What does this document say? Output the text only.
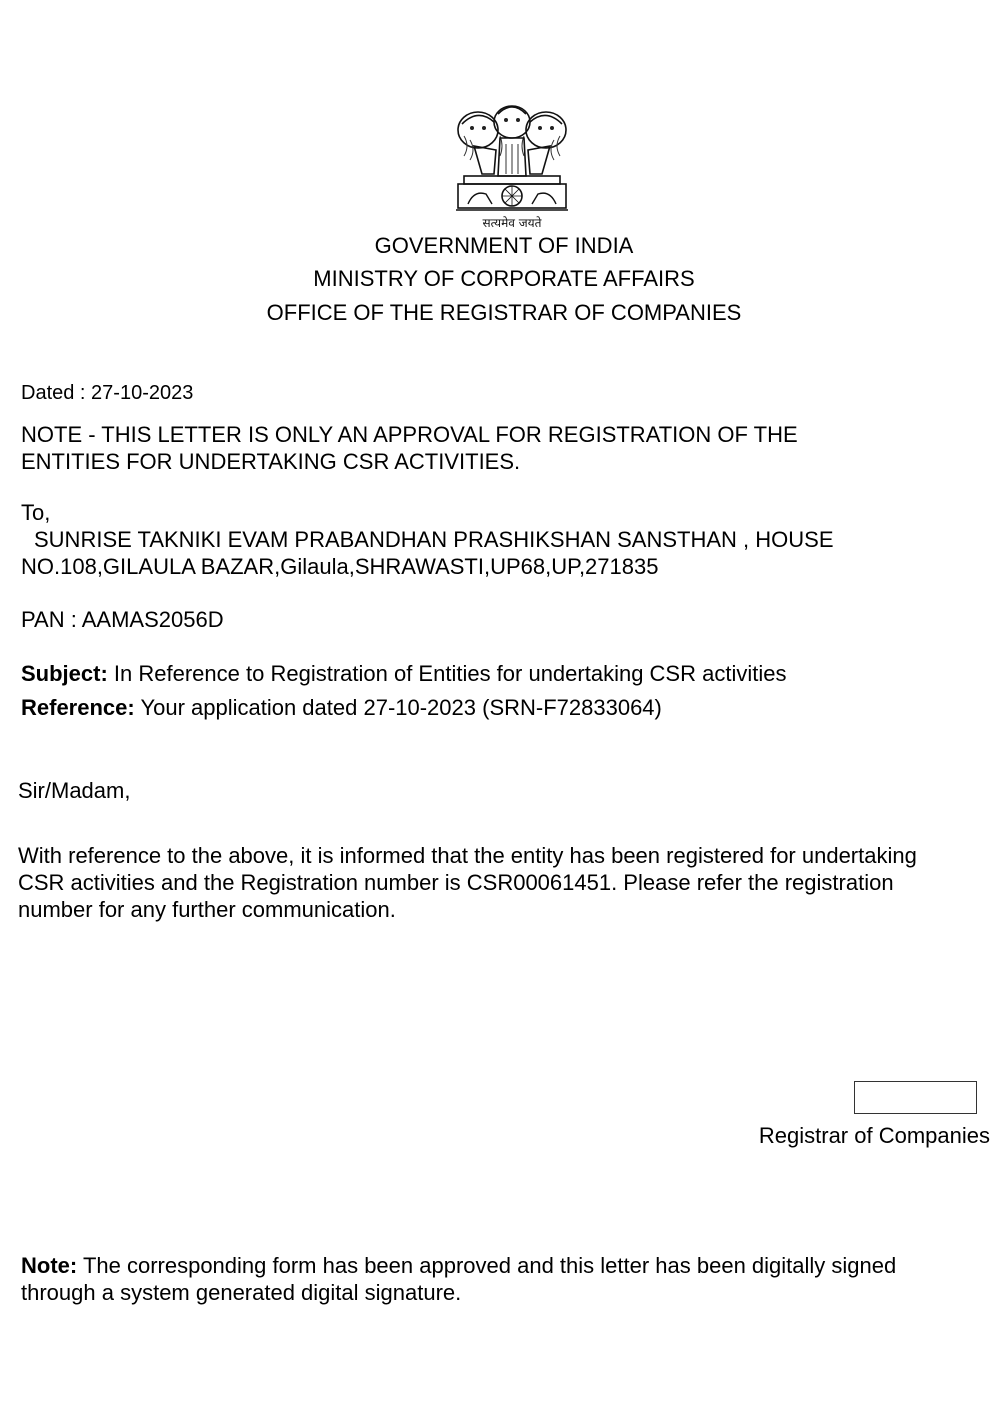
सत्यमेव जयते
GOVERNMENT OF INDIA
MINISTRY OF CORPORATE AFFAIRS
OFFICE OF THE REGISTRAR OF COMPANIES
Dated : 27-10-2023
NOTE - THIS LETTER IS ONLY AN APPROVAL FOR REGISTRATION OF THE
ENTITIES FOR UNDERTAKING CSR ACTIVITIES.
To,
SUNRISE TAKNIKI EVAM PRABANDHAN PRASHIKSHAN SANSTHAN , HOUSE
NO.108,GILAULA BAZAR,Gilaula,SHRAWASTI,UP68,UP,271835
PAN : AAMAS2056D
Subject: In Reference to Registration of Entities for undertaking CSR activities
Reference: Your application dated 27-10-2023 (SRN-F72833064)
Sir/Madam,
With reference to the above, it is informed that the entity has been registered for undertaking
CSR activities and the Registration number is CSR00061451. Please refer the registration
number for any further communication.
Registrar of Companies
Note: The corresponding form has been approved and this letter has been digitally signed
through a system generated digital signature.
